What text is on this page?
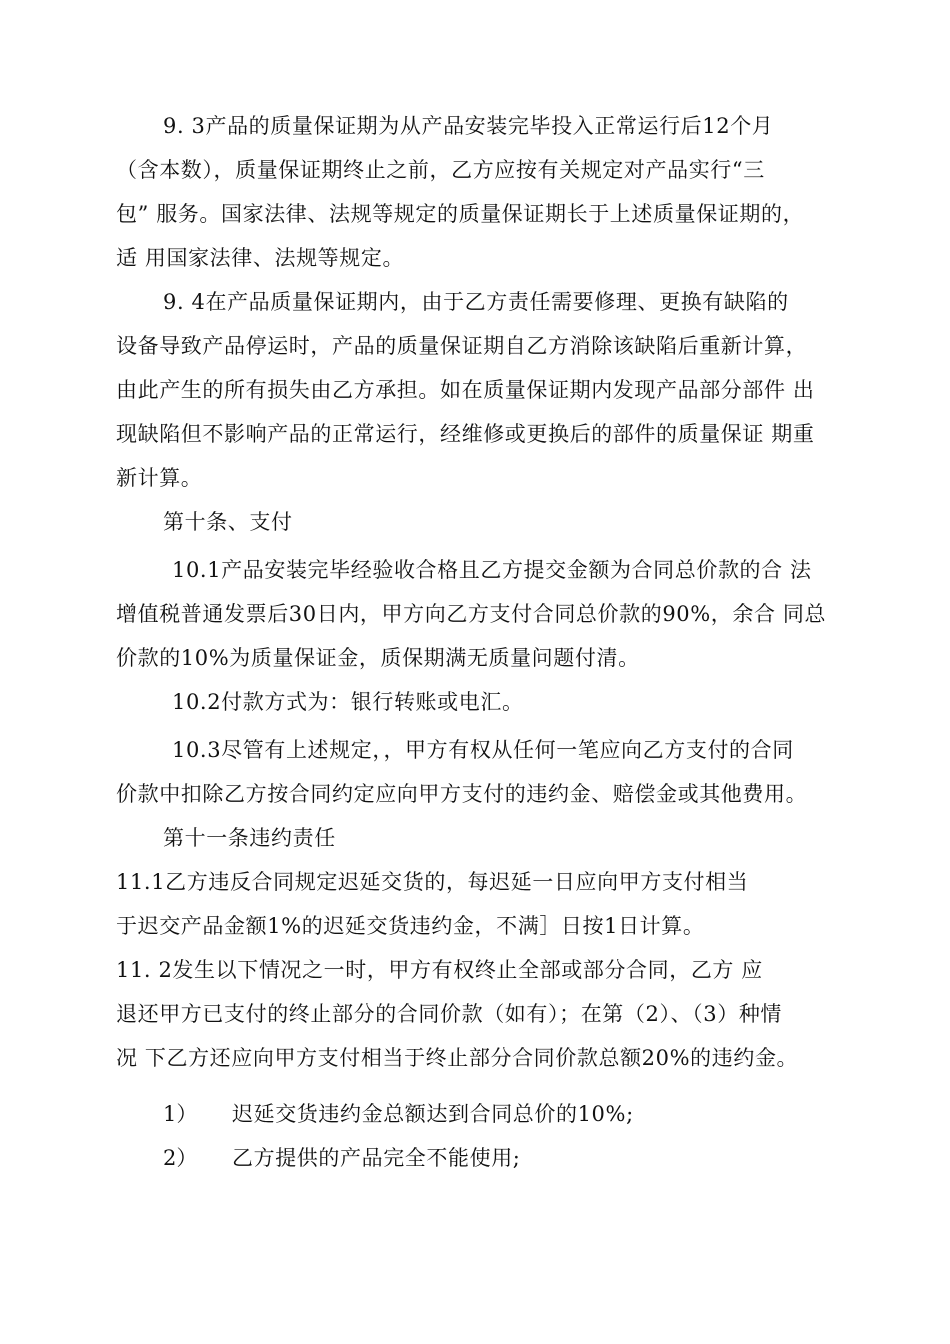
9. 3产品的质量保证期为从产品安装完毕投入正常运行后12个月
（含本数），质量保证期终止之前，乙方应按有关规定对产品实行“三
包” 服务。国家法律、法规等规定的质量保证期长于上述质量保证期的，
适 用国家法律、法规等规定。
9. 4在产品质量保证期内，由于乙方责任需要修理、更换有缺陷的
设备导致产品停运时，产品的质量保证期自乙方消除该缺陷后重新计算，
由此产生的所有损失由乙方承担。如在质量保证期内发现产品部分部件 出
现缺陷但不影响产品的正常运行，经维修或更换后的部件的质量保证 期重
新计算。
第十条、支付
10.1产品安装完毕经验收合格且乙方提交金额为合同总价款的合 法
增值税普通发票后30日内，甲方向乙方支付合同总价款的90%，余合 同总
价款的10%为质量保证金，质保期满无质量问题付清。
10.2付款方式为：银行转账或电汇。
10.3尽管有上述规定，，甲方有权从任何一笔应向乙方支付的合同
价款中扣除乙方按合同约定应向甲方支付的违约金、赔偿金或其他费用。
第十一条违约责任
11.1乙方违反合同规定迟延交货的，每迟延一日应向甲方支付相当
于迟交产品金额1%的迟延交货违约金，不满］日按1日计算。
11. 2发生以下情况之一时，甲方有权终止全部或部分合同，乙方 应
退还甲方已支付的终止部分的合同价款（如有）；在第（2）、（3）种情
况 下乙方还应向甲方支付相当于终止部分合同价款总额20%的违约金。
1） 迟延交货违约金总额达到合同总价的10%;
2） 乙方提供的产品完全不能使用;
